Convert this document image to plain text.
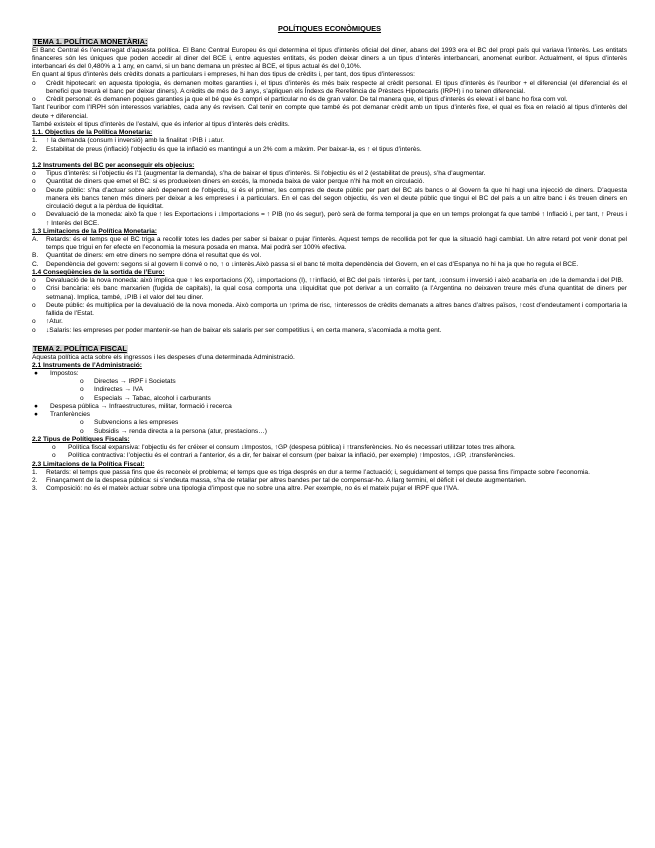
POLÍTIQUES ECONÒMIQUES

TEMA 1. POLÍTICA MONETÀRIA:

El Banc Central és l’encarregat d’aquesta política. El Banc Central Europeu és qui determina el tipus d’interès oficial del diner, abans del 1993 era el BC del propi país qui variava l’interès. Les entitats financeres són les úniques que poden accedir al diner del BCE i, entre aquestes entitats, és poden deixar diners a un tipus d’interès interbancari, anomenat euribor. Actualment, el tipus d’interès interbancari és del 0,480% a 1 any, en canvi, si un banc demana un prèstec al BCE, el tipus actual és del 0,10%.

En quant al tipus d’interès dels crèdits donats a particulars i empreses, hi han dos tipus de crèdits i, per tant, dos tipus d’interessos:

o Crèdit hipotecari: en aquesta tipologia, és demanen moltes garanties i, el tipus d’interès és més baix respecte al crèdit personal. El tipus d’interès és l’euribor + el diferencial (el diferencial és el benefici que treurà el banc per deixar diners). A crèdits de més de 3 anys, s’apliquen els Índexs de Rerefència de Prèstecs Hipotecaris (IRPH) i no tenen diferencial.
o Crèdit personal: és demanen poques garanties ja que el bé que és compri el particular no és de gran valor. De tal manera que, el tipus d’interès és elevat i el banc ho fixa com vol.

Tant l’euribor com l’IRPH són interessos variables, cada any és revisen. Cal tenir en compte que també és pot demanar crèdit amb un tipus d’interès fixe, el qual es fixa en relació al tipus d’interès del deute + diferencial.

També existeix el tipus d’interès de l’estalvi, que és inferior al tipus d’interès dels crèdits.

1.1. Objectius de la Política Monetaria:

1. ↑ la demanda (consum i inversió) amb la finalitat ↑PIB i ↓atur.
2. Estabilitat de preus (inflació) l’objectiu és que la inflació es mantingui a un 2% com a màxim. Per baixar-la, es ↑ el tipus d’interès.

1.2 Instruments del BC per aconseguir els objecius:

o Tipus d’interès: si l’objectiu és l’1 (augmentar la demanda), s’ha de baixar el tipus d’interès. Si l’objectiu és el 2 (estabilitat de preus), s’ha d’augmentar.
o Quantitat de diners que emet el BC: si es produeixen diners en excés, la moneda baixa de valor perque n’hi ha molt en circulació.
o Deute públic: s’ha d’actuar sobre això depenent de l’objectiu, si és el primer, les compres de deute públic per part del BC als bancs o al Govern fa que hi hagi una injecció de diners. D’aquesta manera els bancs tenen més diners per deixar a les empreses i a particulars. En el cas del segon objectiu, és ven el deute públic que tingui el BC del país a un altre banc i és treuen diners en circulació degut a la pèrdua de liquiditat.
o Devaluació de la moneda: això fa que ↑ les Exportacions i ↓Importacions = ↑ PIB (no és segur), però serà de forma temporal ja que en un temps prolongat fa que també ↑ Inflació i, per tant, ↑ Preus i ↑ Interès del BCE.

1.3 Limitacions de la Política Monetaria:

A. Retards: és el temps que el BC triga a recollir totes les dades per saber si baixar o pujar l’interès. Aquest temps de recollida pot fer que la situació hagi cambiat. Un altre retard pot venir donat pel temps que trigui en fer efecte en l’economia la mesura posada en marxa. Mai podrà ser 100% efectiva.
B. Quantitat de diners: em etre diners no sempre dóna el resultat que és vol.
C. Dependència del govern: segons si al govern li convé o no, ↑ o ↓interès.Això passa si el banc té molta dependència del Govern, en el cas d’Espanya no hi ha ja que ho regula el BCE.

1.4 Conseqüències de la sortida de l’Euro:

o Devaluació de la nova moneda: això implica que ↑ les exportacions (X), ↓importacions (I), ↑↑inflació, el BC del país ↑interès i, per tant, ↓consum i inversió i això acabaría en ↓de la demanda i del PIB.
o Crisi bancària: els banc marxarien (fugida de capitals), la qual cosa comporta una ↓liquiditat que pot derivar a un corralito (a l’Argentina no deixaven treure més d’una quantitat de diners per setmana). Implica, també, ↓PIB i el valor del teu diner.
o Deute públic: és multiplica per la devaluació de la nova moneda. Això comporta un ↑prima de risc, ↑interessos de crèdits demanats a altres bancs d’altres països, ↑cost d’endeutament i comportaria la fallida de l’Estat.
o ↑Atur.
o ↓Salaris: les empreses per poder mantenir-se han de baixar els salaris per ser competitius i, en certa manera, s’acomiada a molta gent.
TEMA 2. POLÍTICA FISCAL

Aquesta política acta sobre els ingressos i les despeses d’una determinada Administració.

2.1 Instruments de l’Administració:

● Impostos:
o Directes → IRPF i Societats
o Indirectes → IVA
o Especials → Tabac, alcohol i carburants
● Despesa pública → Infraestructures, militar, formació i recerca
● Tranferències
o Subvencions a les empreses
o Subsidis → renda directa a la persona (atur, prestacions…)

2.2 Tipus de Polítiques Fiscals:

o Política fiscal expansiva: l’objectiu és fer créixer el consum ↓Impostos, ↑GP (despesa pública) i ↑transferències. No és necessari utilitzar totes tres alhora.
o Política contractiva: l’objectiu és el contrari a l’anterior, és a dir, fer baixar el consum (per baixar la inflació, per exemple) ↑Impostos, ↓GP, ↓transferències.

2.3 Limitacions de la Política Fiscal:

1. Retards: el temps que passa fins que és reconeix el problema; el temps que es triga després en dur a terme l’actuació; i, seguidament el temps que passa fins l’impacte sobre l’economia.
2. Finançament de la despesa pública: si s’endeuta massa, s’ha de retallar per altres bandes per tal de compensar-ho. A llarg termini, el dèficit i el deute augmentarien.
3. Composició: no és el mateix actuar sobre una tipologia d’impost que no sobre una altre. Per exemple, no és el mateix pujar el IRPF que l’IVA.
